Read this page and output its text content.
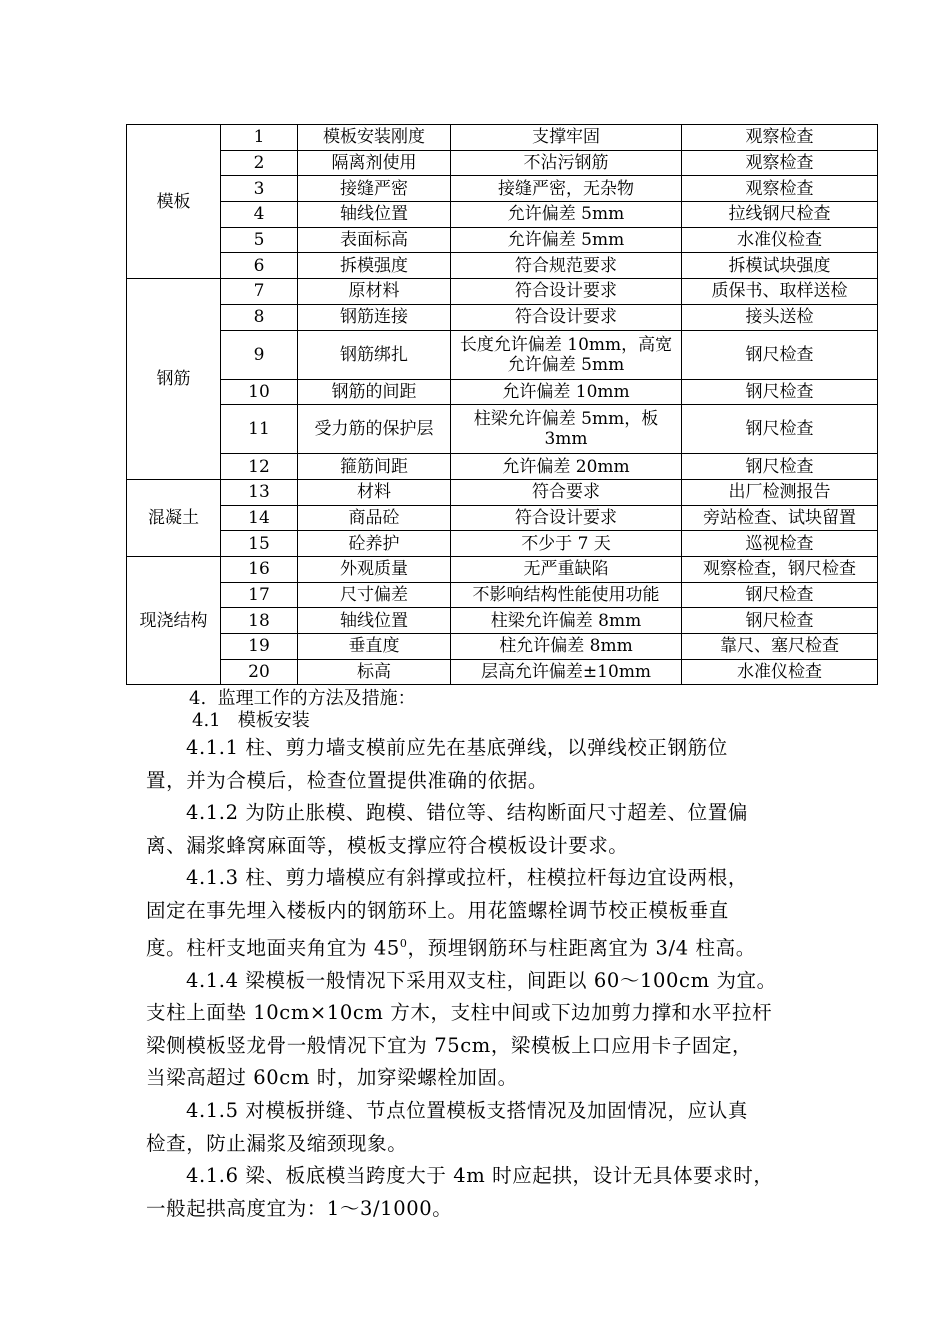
模板	1	模板安装刚度	支撑牢固	观察检查
	2	隔离剂使用	不沾污钢筋	观察检查
	3	接缝严密	接缝严密，无杂物	观察检查
	4	轴线位置	允许偏差 5mm	拉线钢尺检查
	5	表面标高	允许偏差 5mm	水准仪检查
	6	拆模强度	符合规范要求	拆模试块强度
钢筋	7	原材料	符合设计要求	质保书、取样送检
	8	钢筋连接	符合设计要求	接头送检
	9	钢筋绑扎	长度允许偏差 10mm，高宽允许偏差 5mm	钢尺检查
	10	钢筋的间距	允许偏差 10mm	钢尺检查
	11	受力筋的保护层	柱梁允许偏差 5mm，板 3mm	钢尺检查
	12	箍筋间距	允许偏差 20mm	钢尺检查
混凝土	13	材料	符合要求	出厂检测报告
	14	商品砼	符合设计要求	旁站检查、试块留置
	15	砼养护	不少于 7 天	巡视检查
现浇结构	16	外观质量	无严重缺陷	观察检查，钢尺检查
	17	尺寸偏差	不影响结构性能使用功能	钢尺检查
	18	轴线位置	柱梁允许偏差 8mm	钢尺检查
	19	垂直度	柱允许偏差 8mm	靠尺、塞尺检查
	20	标高	层高允许偏差±10mm	水准仪检查
4.  监理工作的方法及措施：
4.1   模板安装

4.1.1 柱、剪力墙支模前应先在基底弹线，以弹线校正钢筋位
置，并为合模后，检查位置提供准确的依据。

4.1.2 为防止胀模、跑模、错位等、结构断面尺寸超差、位置偏
离、漏浆蜂窝麻面等，模板支撑应符合模板设计要求。

4.1.3 柱、剪力墙模应有斜撑或拉杆，柱模拉杆每边宜设两根，
固定在事先埋入楼板内的钢筋环上。用花篮螺栓调节校正模板垂直
度。柱杆支地面夹角宜为 $45^0$，预埋钢筋环与柱距离宜为 3/4 柱高。

4.1.4 梁模板一般情况下采用双支柱，间距以 60～100cm 为宜。
支柱上面垫 10cm×10cm 方木，支柱中间或下边加剪力撑和水平拉杆
梁侧模板竖龙骨一般情况下宜为 75cm，梁模板上口应用卡子固定，
当梁高超过 60cm 时，加穿梁螺栓加固。

4.1.5 对模板拼缝、节点位置模板支搭情况及加固情况，应认真
检查，防止漏浆及缩颈现象。

4.1.6 梁、板底模当跨度大于 4m 时应起拱，设计无具体要求时，
一般起拱高度宜为：1～3/1000。
